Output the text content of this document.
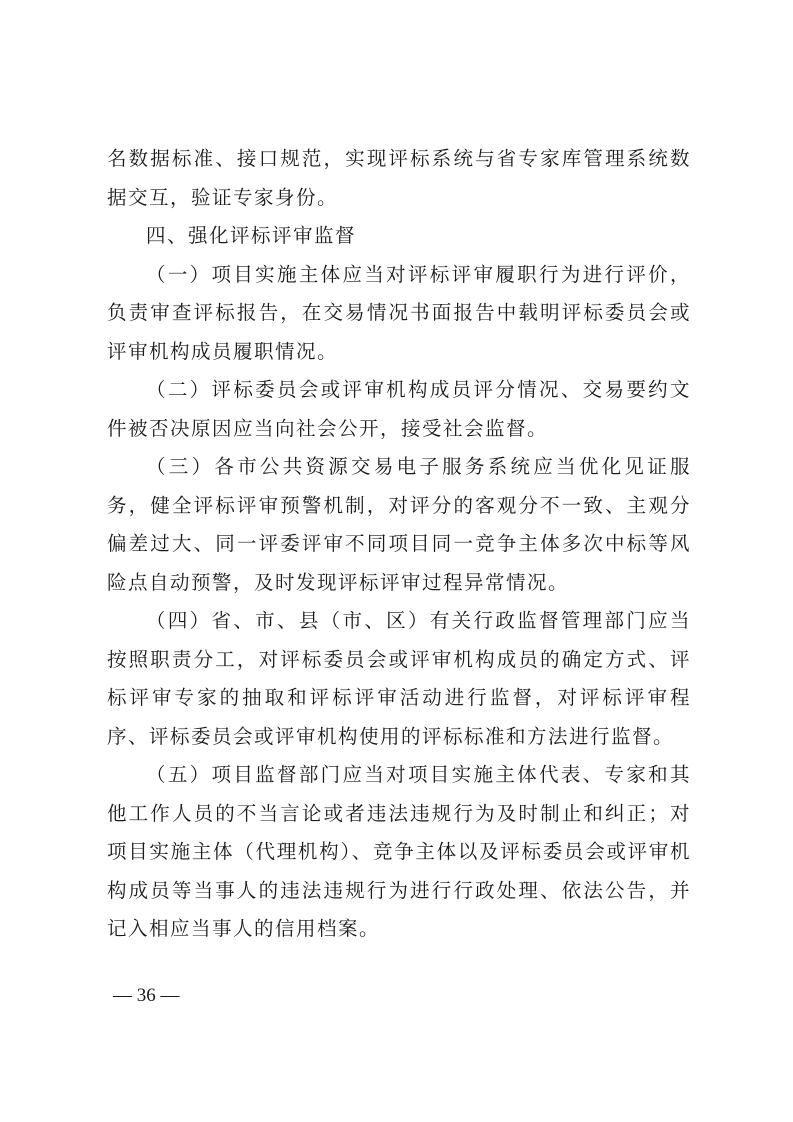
名数据标准、接口规范，实现评标系统与省专家库管理系统数据交互，验证专家身份。

四、强化评标评审监督

（一）项目实施主体应当对评标评审履职行为进行评价，负责审查评标报告，在交易情况书面报告中载明评标委员会或评审机构成员履职情况。

（二）评标委员会或评审机构成员评分情况、交易要约文件被否决原因应当向社会公开，接受社会监督。

（三）各市公共资源交易电子服务系统应当优化见证服务，健全评标评审预警机制，对评分的客观分不一致、主观分偏差过大、同一评委评审不同项目同一竞争主体多次中标等风险点自动预警，及时发现评标评审过程异常情况。

（四）省、市、县（市、区）有关行政监督管理部门应当按照职责分工，对评标委员会或评审机构成员的确定方式、评标评审专家的抽取和评标评审活动进行监督，对评标评审程序、评标委员会或评审机构使用的评标标准和方法进行监督。

（五）项目监督部门应当对项目实施主体代表、专家和其他工作人员的不当言论或者违法违规行为及时制止和纠正；对项目实施主体（代理机构）、竞争主体以及评标委员会或评审机构成员等当事人的违法违规行为进行行政处理、依法公告，并记入相应当事人的信用档案。

— 36 —
